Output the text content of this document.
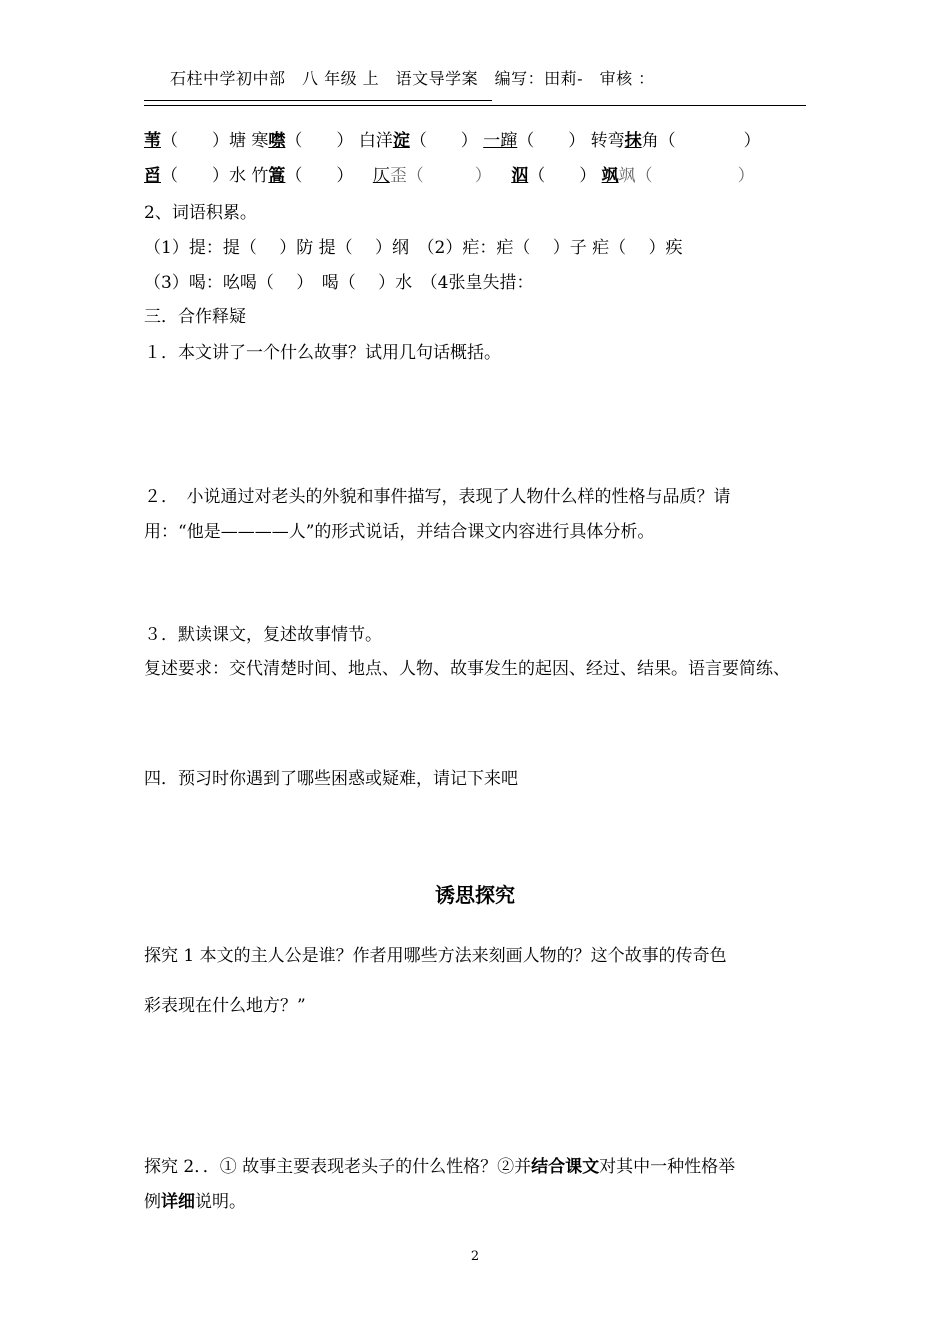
石柱中学初中部　八 年级 上　语文导学案　编写：田莉-　审核 ：
苇（　　）塘 寒噤（　　） 白洋淀（　　） 一蹿（　　） 转弯抹角（　　　　）
舀（　　）水 竹篙（　　） 仄歪（　　　） 泅（　　） 飒飒（　　　　　）
2、词语积累。
（1）提：提（　 ）防 提（　 ）纲　（2）疟：疟（　 ）子 疟（　 ）疾
（3）喝：吆喝（　 ）　喝（　 ）水　（4张皇失措：
三．合作释疑
１．本文讲了一个什么故事？试用几句话概括。
２．　小说通过对老头的外貌和事件描写，表现了人物什么样的性格与品质？请
用：“他是————人”的形式说话，并结合课文内容进行具体分析。
３．默读课文，复述故事情节。
复述要求：交代清楚时间、地点、人物、故事发生的起因、经过、结果。语言要简练、
四．预习时你遇到了哪些困惑或疑难，请记下来吧
诱思探究
探究 1 本文的主人公是谁？作者用哪些方法来刻画人物的？这个故事的传奇色
彩表现在什么地方？”
探究 2．．① 故事主要表现老头子的什么性格？②并结合课文对其中一种性格举
例详细说明。
2
